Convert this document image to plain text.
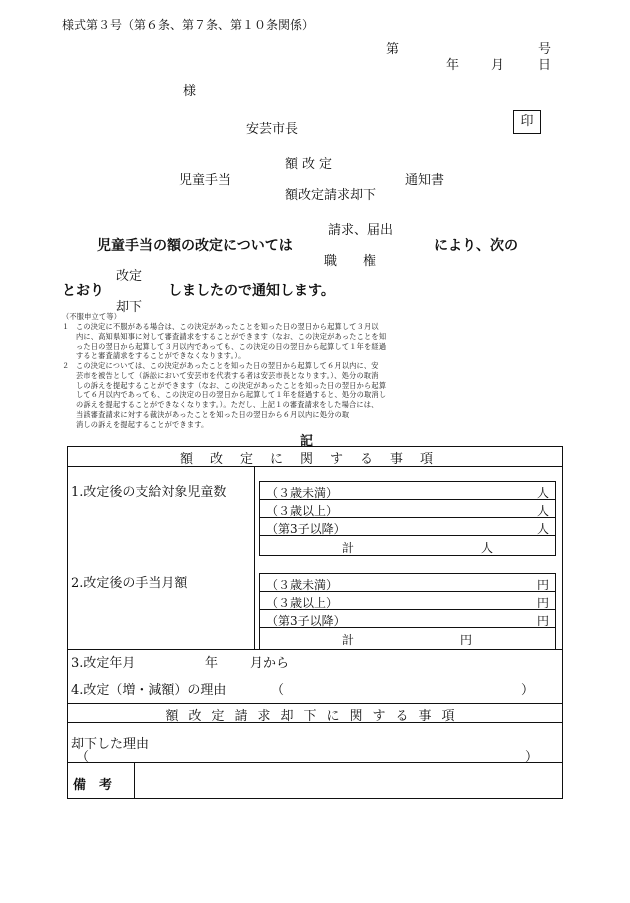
様式第３号（第６条、第７条、第１０条関係）
第	号
年 月	日
様
安芸市長
印
額改定
児童手当	通知書
額改定請求却下
請求、届出
児童手当の額の改定については	により、次の
職　　権
改定
とおり	しましたので通知します。
却下
（不服申立て等）
１ この決定に不服がある場合は、この決定があったことを知った日の翌日から起算して３月以
内に、高知県知事に対して審査請求をすることができます（なお、この決定があったことを知
った日の翌日から起算して３月以内であっても、この決定の日の翌日から起算して１年を経過
すると審査請求をすることができなくなります。）。
２ この決定については、この決定があったことを知った日の翌日から起算して６月以内に、安
芸市を被告として（訴訟において安芸市を代表する者は安芸市長となります。）、処分の取消
しの訴えを提起することができます（なお、この決定があったことを知った日の翌日から起算
して６月以内であっても、この決定の日の翌日から起算して１年を経過すると、処分の取消し
の訴えを提起することができなくなります。）。ただし、上記１の審査請求をした場合には、
当該審査請求に対する裁決があったことを知った日の翌日から６月以内に処分の取
消しの訴えを提起することができます。
記
額改定に関する事項
1.改定後の支給対象児童数	（３歳未満）	人
（３歳以上）	人
（第3子以降）	人
計	人
2.改定後の手当月額	（３歳未満）	円
（３歳以上）	円
（第3子以降）	円
計	円
3.改定年月	年 月から
4.改定（増・減額）の理由	（	）
額改定請求却下に関する事項
却下した理由
（	）
備　考
